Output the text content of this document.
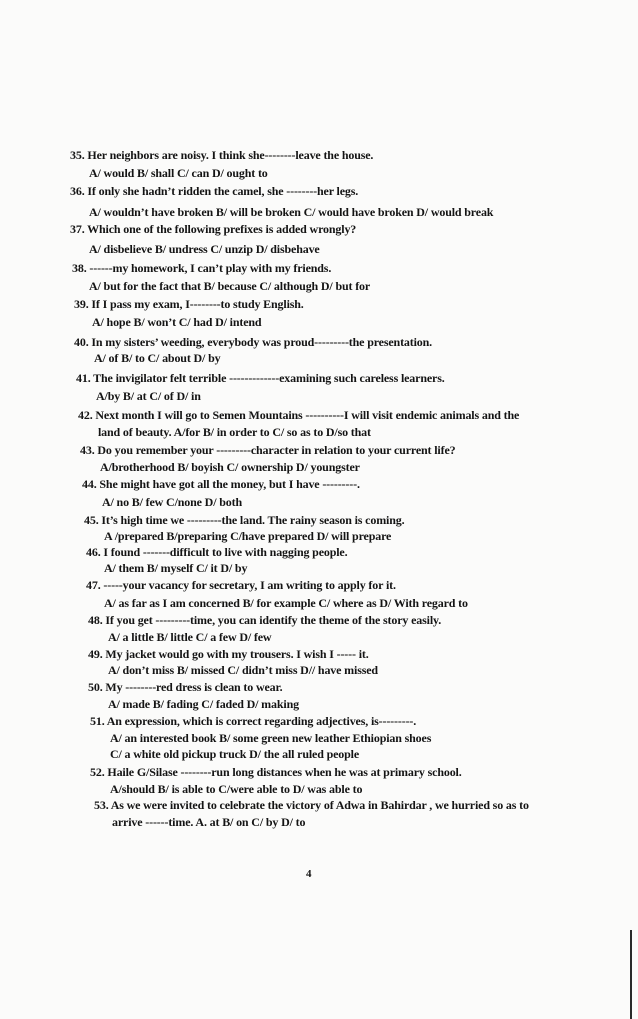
35. Her neighbors are noisy. I think she--------leave the house.
A/ would B/ shall C/ can D/ ought to
36. If only she hadn’t ridden the camel, she --------her legs.
A/ wouldn’t have broken B/ will be broken C/ would have broken D/ would break
37. Which one of the following prefixes is added wrongly?
A/ disbelieve B/ undress C/ unzip D/ disbehave
38. ------my homework, I can’t play with my friends.
A/ but for the fact that B/ because C/ although D/ but for
39. If I pass my exam, I--------to study English.
A/ hope B/ won’t C/ had D/ intend
40. In my sisters’ weeding, everybody was proud---------the presentation.
A/ of B/ to C/ about D/ by
41. The invigilator felt terrible -------------examining such careless learners.
A/by B/ at C/ of D/ in
42. Next month I will go to Semen Mountains ----------I will visit endemic animals and the
land of beauty. A/for B/ in order to C/ so as to D/so that
43. Do you remember your ---------character in relation to your current life?
A/brotherhood B/ boyish C/ ownership D/ youngster
44. She might have got all the money, but I have ---------.
A/ no B/ few C/none D/ both
45. It’s high time we ---------the land. The rainy season is coming.
A /prepared B/preparing C/have prepared D/ will prepare
46. I found -------difficult to live with nagging people.
A/ them B/ myself C/ it D/ by
47. -----your vacancy for secretary, I am writing to apply for it.
A/ as far as I am concerned B/ for example C/ where as D/ With regard to
48. If you get ---------time, you can identify the theme of the story easily.
A/ a little B/ little C/ a few D/ few
49. My jacket would go with my trousers. I wish I ----- it.
A/ don’t miss B/ missed C/ didn’t miss D// have missed
50. My --------red dress is clean to wear.
A/ made B/ fading C/ faded D/ making
51. An expression, which is correct regarding adjectives, is---------.
A/ an interested book B/ some green new leather Ethiopian shoes
C/ a white old pickup truck D/ the all ruled people
52. Haile G/Silase --------run long distances when he was at primary school.
A/should B/ is able to C/were able to D/ was able to
53. As we were invited to celebrate the victory of Adwa in Bahirdar , we hurried so as to
arrive ------time. A. at B/ on C/ by D/ to
4
